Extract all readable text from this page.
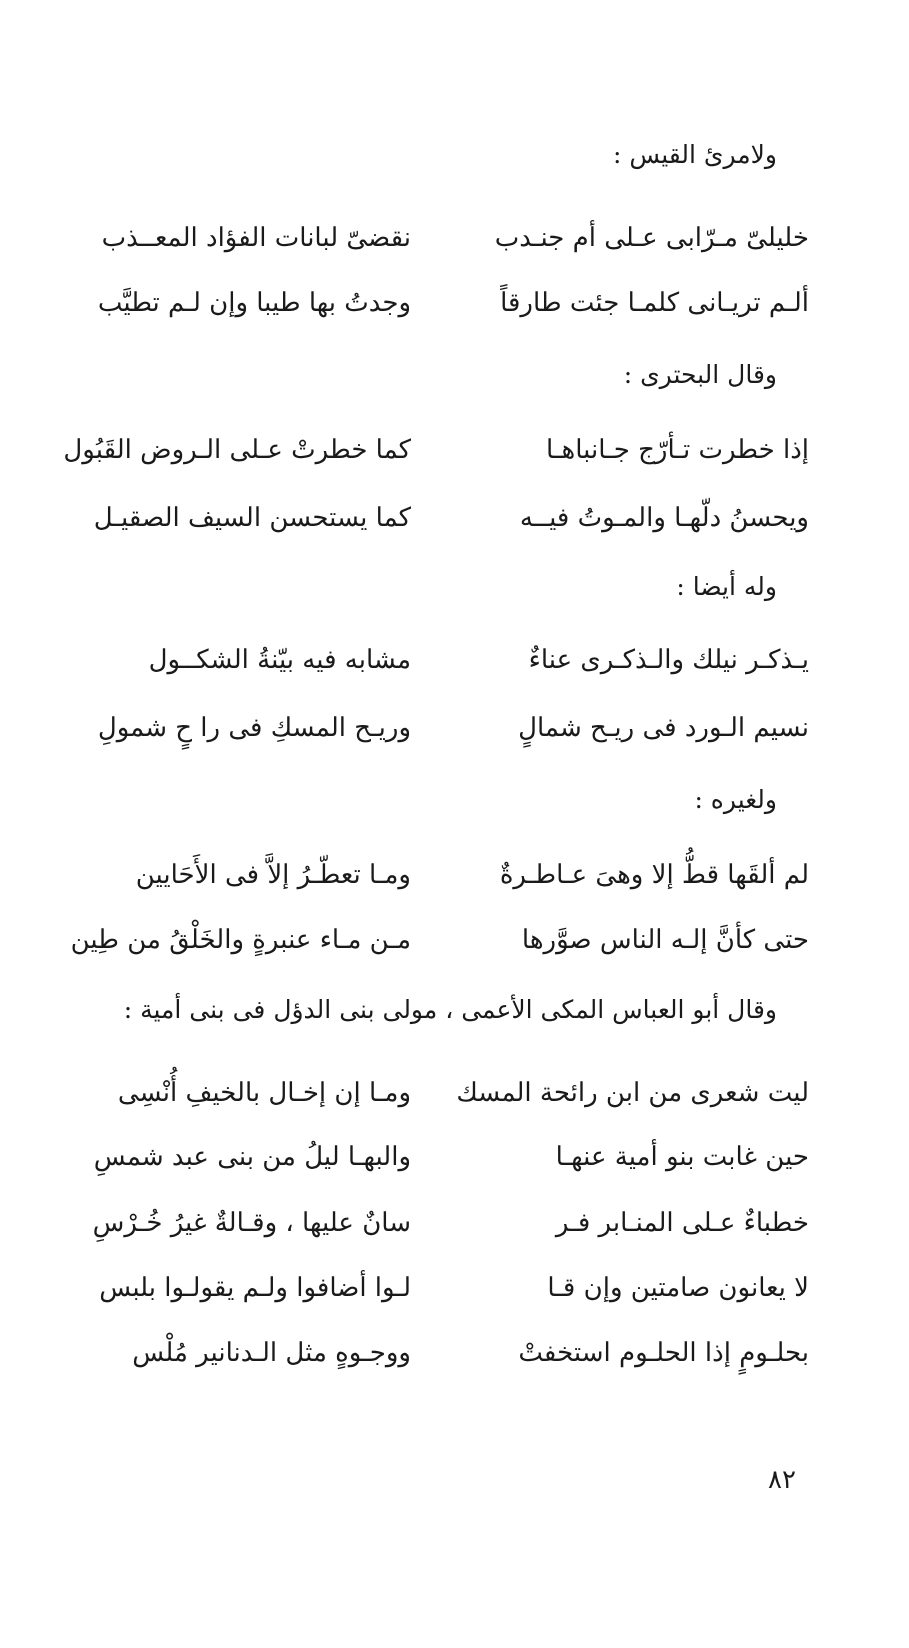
ولامرئ القيس :
خليلىّ مـرّابى عـلى أم جنـدب
نقضىّ لبانات الفؤاد المعــذب
ألـم تريـانى كلمـا جئت طارقاً
وجدتُ بها طيبا وإن لـم تطيَّب
وقال البحترى :
إذا خطرت تـأرّج جـانباهـا
كما خطرتْ عـلى الـروض القَبُول
ويحسنُ دلّهـا والمـوتُ فيــه
كما يستحسن السيف الصقيـل
وله أيضا :
يـذكـر نيلك والـذكـرى عناءٌ
مشابه فيه بيّنةُ الشكــول
نسيم الـورد فى ريـح شمالٍ
وريـح المسكِ فى را حٍ شمولِ
ولغيره :
لم ألقَها قطُّ إلا وهىَ عـاطـرةٌ
ومـا تعطّـرُ إلاَّ فى الأَحَايين
حتى كأنَّ إلـه الناس صوَّرها
مـن مـاء عنبرةٍ والخَلْقُ من طِين
وقال أبو العباس المكى الأعمى ، مولى بنى الدؤل فى بنى أمية :
ليت شعرى من ابن رائحة المسك
ومـا إن إخـال بالخيفِ أُنْسِى
حين غابت بنو أمية عنهـا
والبهـا ليلُ من بنى عبد شمسِ
خطباءٌ عـلى المنـابر فـر
سانٌ عليها ، وقـالةٌ غيرُ خُـرْسِ
لا يعانون صامتين وإن قـا
لـوا أضافوا ولـم يقولـوا بلبس
بحلـومٍ إذا الحلـوم استخفتْ
ووجـوهٍ مثل الـدنانير مُلْس
٨٢
